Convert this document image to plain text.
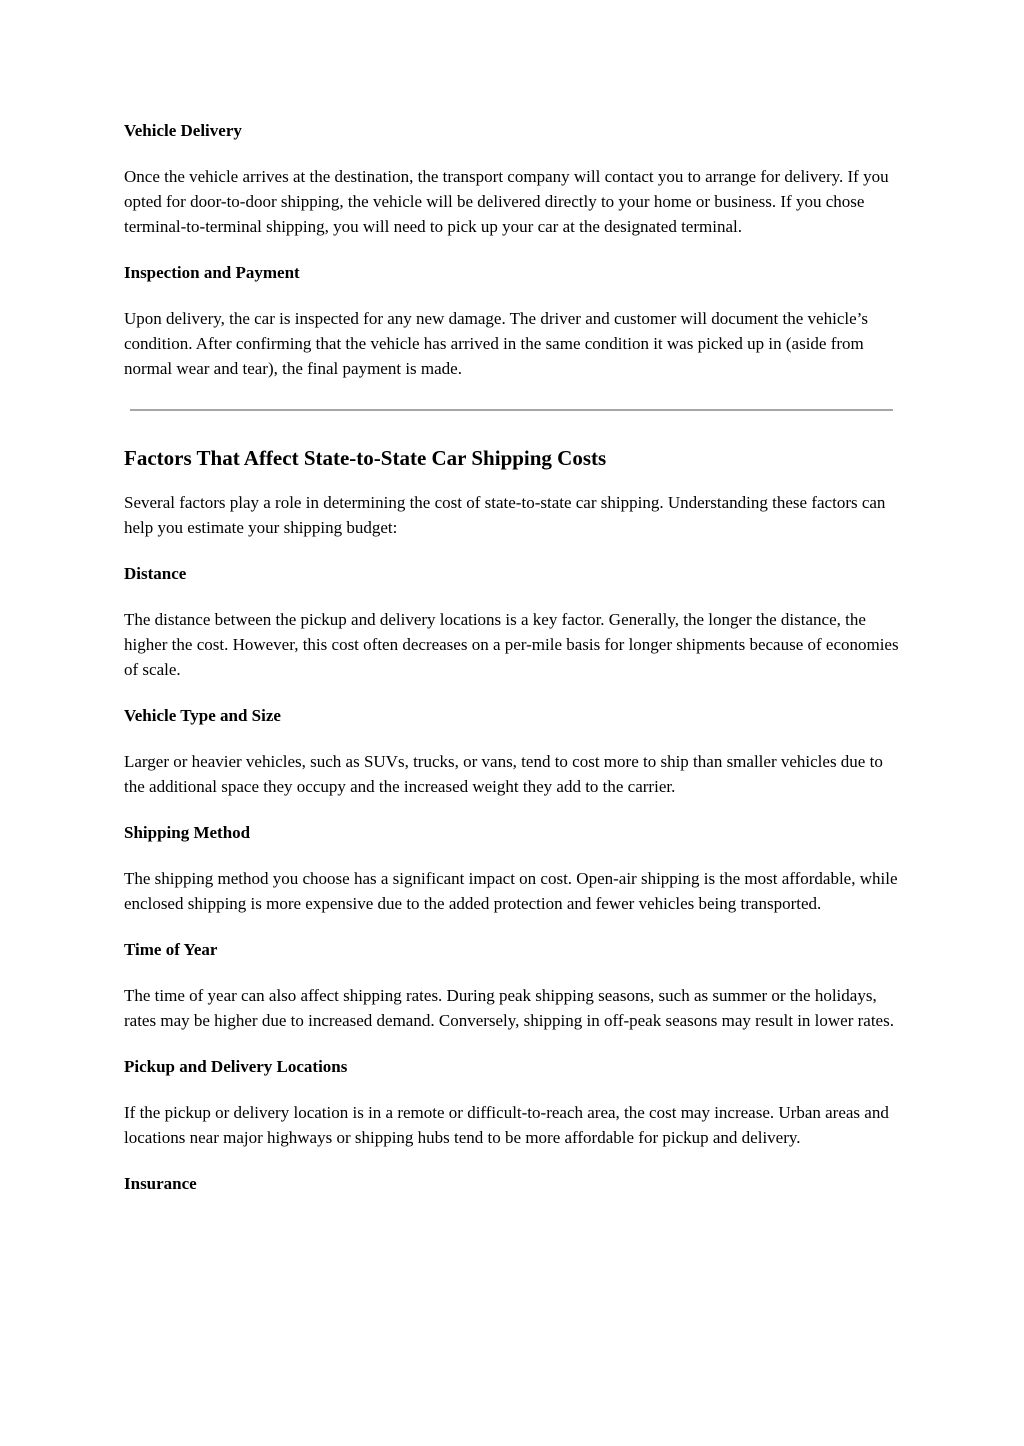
Vehicle Delivery

Once the vehicle arrives at the destination, the transport company will contact you to arrange for delivery. If you opted for door-to-door shipping, the vehicle will be delivered directly to your home or business. If you chose terminal-to-terminal shipping, you will need to pick up your car at the designated terminal.

Inspection and Payment

Upon delivery, the car is inspected for any new damage. The driver and customer will document the vehicle’s condition. After confirming that the vehicle has arrived in the same condition it was picked up in (aside from normal wear and tear), the final payment is made.

Factors That Affect State-to-State Car Shipping Costs

Several factors play a role in determining the cost of state-to-state car shipping. Understanding these factors can help you estimate your shipping budget:

Distance

The distance between the pickup and delivery locations is a key factor. Generally, the longer the distance, the higher the cost. However, this cost often decreases on a per-mile basis for longer shipments because of economies of scale.

Vehicle Type and Size

Larger or heavier vehicles, such as SUVs, trucks, or vans, tend to cost more to ship than smaller vehicles due to the additional space they occupy and the increased weight they add to the carrier.

Shipping Method

The shipping method you choose has a significant impact on cost. Open-air shipping is the most affordable, while enclosed shipping is more expensive due to the added protection and fewer vehicles being transported.

Time of Year

The time of year can also affect shipping rates. During peak shipping seasons, such as summer or the holidays, rates may be higher due to increased demand. Conversely, shipping in off-peak seasons may result in lower rates.

Pickup and Delivery Locations

If the pickup or delivery location is in a remote or difficult-to-reach area, the cost may increase. Urban areas and locations near major highways or shipping hubs tend to be more affordable for pickup and delivery.

Insurance
